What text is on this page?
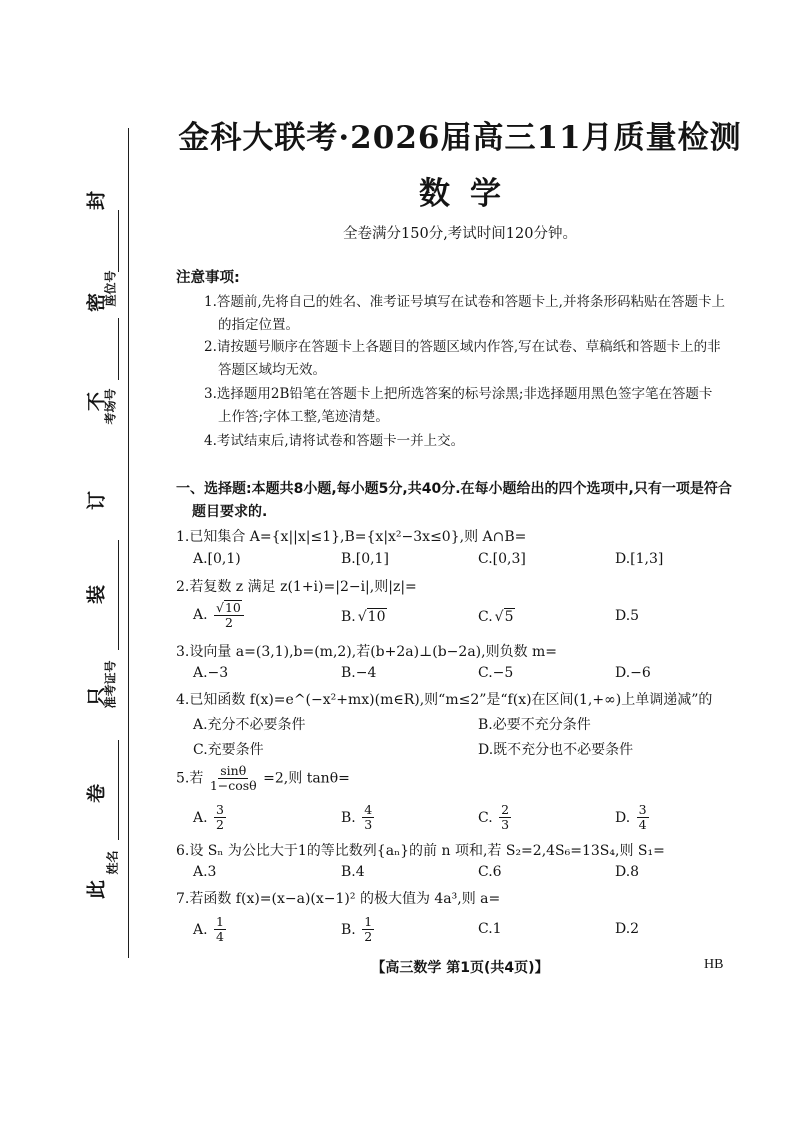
封
密
不
订
装
只
卷
此
座位号
考场号
准考证号
姓名
金科大联考·2026届高三11月质量检测
数学
全卷满分150分,考试时间120分钟。
注意事项:
1.答题前,先将自己的姓名、准考证号填写在试卷和答题卡上,并将条形码粘贴在答题卡上
的指定位置。
2.请按题号顺序在答题卡上各题目的答题区域内作答,写在试卷、草稿纸和答题卡上的非
答题区域均无效。
3.选择题用2B铅笔在答题卡上把所选答案的标号涂黑;非选择题用黑色签字笔在答题卡
上作答;字体工整,笔迹清楚。
4.考试结束后,请将试卷和答题卡一并上交。
一、选择题:本题共8小题,每小题5分,共40分.在每小题给出的四个选项中,只有一项是符合
题目要求的.
1.已知集合 A={x||x|≤1},B={x|x²−3x≤0},则 A∩B=
A.[0,1)	B.[0,1]	C.[0,3]	D.[1,3]
2.若复数 z 满足 z(1+i)=|2−i|,则|z|=
A. $\frac{√10}{2}$	B. √10	C. √5	D.5
3.设向量 a=(3,1),b=(m,2),若(b+2a)⊥(b−2a),则负数 m=
A.−3	B.−4	C.−5	D.−6
4.已知函数 f(x)=e^(−x²+mx)(m∈R),则“m≤2”是“f(x)在区间(1,+∞)上单调递减”的
A.充分不必要条件	B.必要不充分条件
C.充要条件	D.既不充分也不必要条件
5.若 $\frac{\sin\theta}{1-\cos\theta} =2$,则 tanθ=
A. $\frac{3}{2}$	B. $\frac{4}{3}$	C. $\frac{2}{3}$	D. $\frac{3}{4}$
6.设 Sₙ 为公比大于1的等比数列{aₙ}的前 n 项和,若 S₂=2,4S₆=13S₄,则 S₁=
A.3	B.4	C.6	D.8
7.若函数 f(x)=(x−a)(x−1)² 的极大值为 4a³,则 a=
A. $\frac{1}{4}$	B. $\frac{1}{2}$	C.1	D.2
【高三数学 第1页(共4页)】	HB
